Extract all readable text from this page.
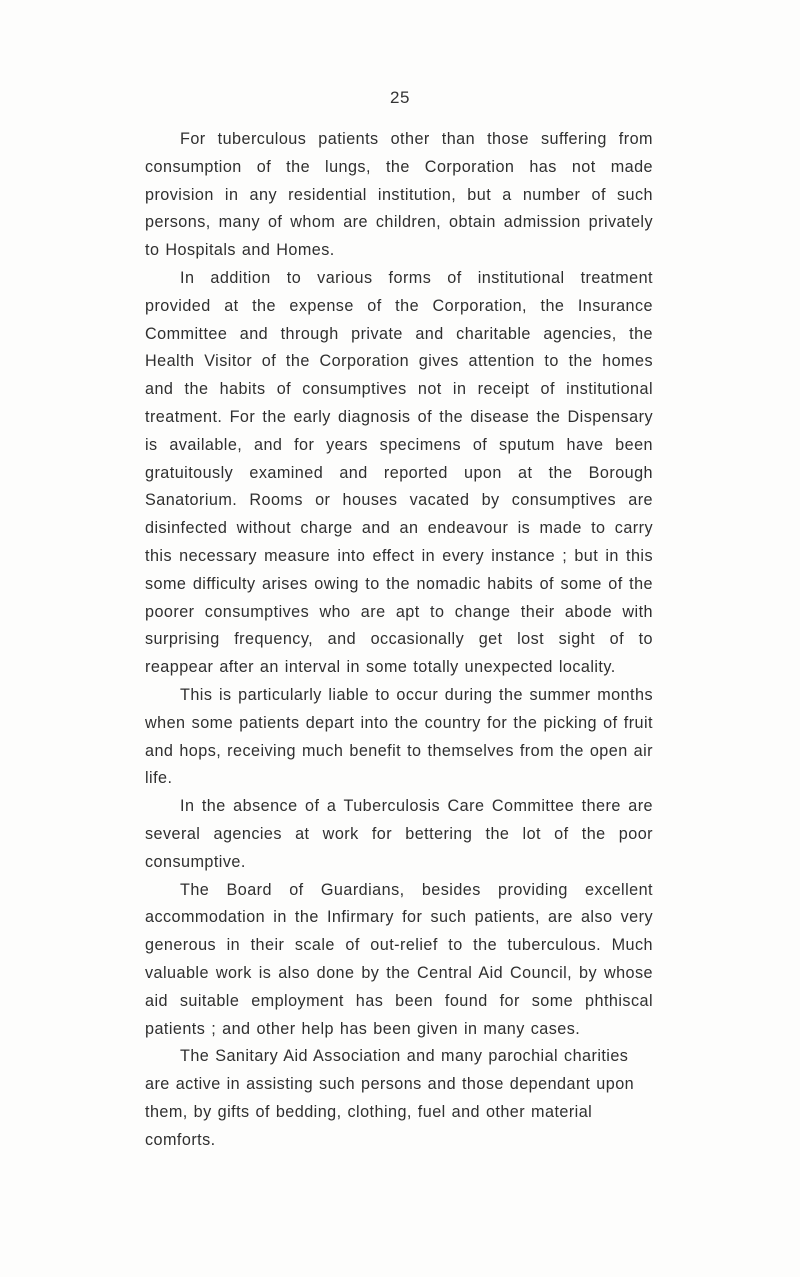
25

For tuberculous patients other than those suffering from consumption of the lungs, the Corporation has not made provision in any residential institution, but a number of such persons, many of whom are children, obtain admission privately to Hospitals and Homes.

In addition to various forms of institutional treatment provided at the expense of the Corporation, the Insurance Committee and through private and charitable agencies, the Health Visitor of the Corporation gives attention to the homes and the habits of consumptives not in receipt of institutional treatment. For the early diagnosis of the disease the Dispensary is available, and for years specimens of sputum have been gratuitously examined and reported upon at the Borough Sanatorium. Rooms or houses vacated by consumptives are disinfected without charge and an endeavour is made to carry this necessary measure into effect in every instance ; but in this some difficulty arises owing to the nomadic habits of some of the poorer consumptives who are apt to change their abode with surprising frequency, and occasionally get lost sight of to reappear after an interval in some totally unexpected locality.

This is particularly liable to occur during the summer months when some patients depart into the country for the picking of fruit and hops, receiving much benefit to themselves from the open air life.

In the absence of a Tuberculosis Care Committee there are several agencies at work for bettering the lot of the poor consumptive.

The Board of Guardians, besides providing excellent accommodation in the Infirmary for such patients, are also very generous in their scale of out-relief to the tuberculous. Much valuable work is also done by the Central Aid Council, by whose aid suitable employment has been found for some phthiscal patients ; and other help has been given in many cases.

The Sanitary Aid Association and many parochial charities are active in assisting such persons and those dependant upon them, by gifts of bedding, clothing, fuel and other material comforts.
